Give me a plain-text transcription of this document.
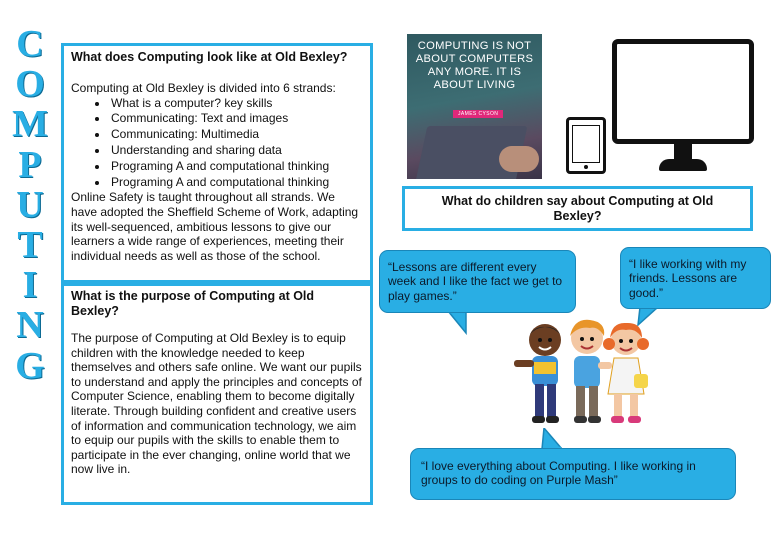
C
O
M
P
U
T
I
N
G
What does Computing look like at Old Bexley?

Computing at Old Bexley is divided into 6 strands:

• What is a computer? key skills
• Communicating: Text and images
• Communicating: Multimedia
• Understanding and sharing data
• Programing A and computational thinking
• Programing A and computational thinking

Online Safety is taught throughout all strands. We have adopted the Sheffield Scheme of Work, adapting its well-sequenced, ambitious lessons to give our learners a wide range of experiences, meeting their individual needs as well as those of the school.

What is the purpose of Computing at Old Bexley?

The purpose of Computing at Old Bexley is to equip children with the knowledge needed to keep themselves and others safe online. We want our pupils to understand and apply the principles and concepts of Computer Science, enabling them to become digitally literate. Through building confident and creative users of information and communication technology, we aim to equip our pupils with the skills to enable them to participate in the ever changing, online world that we now live in.

COMPUTING IS NOT ABOUT COMPUTERS ANY MORE. IT IS ABOUT LIVING
JAMES CYSON
What do children say about Computing at Old Bexley?
“Lessons are different every week and I like the fact we get to play games.”
“I like working with my friends. Lessons are good.”
“I love everything about Computing. I like working in groups to do coding on Purple Mash”
